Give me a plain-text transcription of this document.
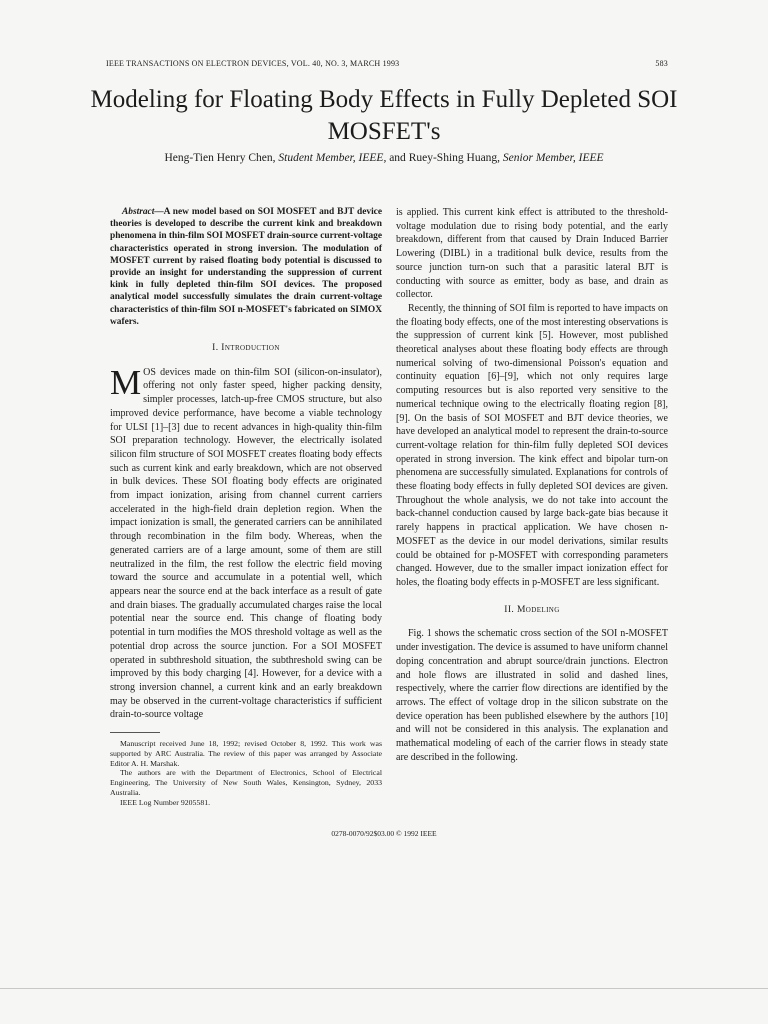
IEEE TRANSACTIONS ON ELECTRON DEVICES, VOL. 40, NO. 3, MARCH 1993	583
Modeling for Floating Body Effects in Fully Depleted SOI MOSFET's
Heng-Tien Henry Chen, Student Member, IEEE, and Ruey-Shing Huang, Senior Member, IEEE

Abstract—A new model based on SOI MOSFET and BJT device theories is developed to describe the current kink and breakdown phenomena in thin-film SOI MOSFET drain-source current-voltage characteristics operated in strong inversion. The modulation of MOSFET current by raised floating body potential is discussed to provide an insight for understanding the suppression of current kink in fully depleted thin-film SOI devices. The proposed analytical model successfully simulates the drain current-voltage characteristics of thin-film SOI n-MOSFET's fabricated on SIMOX wafers.

I. Introduction

MOS devices made on thin-film SOI (silicon-on-insulator), offering not only faster speed, higher packing density, simpler processes, latch-up-free CMOS structure, but also improved device performance, have become a viable technology for ULSI [1]–[3] due to recent advances in high-quality thin-film SOI preparation technology. However, the electrically isolated silicon film structure of SOI MOSFET creates floating body effects such as current kink and early breakdown, which are not observed in bulk devices. These SOI floating body effects are originated from impact ionization, arising from channel current carriers accelerated in the high-field drain depletion region. When the impact ionization is small, the generated carriers can be annihilated through recombination in the film body. Whereas, when the generated carriers are of a large amount, some of them are still neutralized in the film, the rest follow the electric field moving toward the source and accumulate in a potential well, which appears near the source end at the back interface as a result of gate and drain biases. The gradually accumulated charges raise the local potential near the source end. This change of floating body potential in turn modifies the MOS threshold voltage as well as the potential drop across the source junction. For a SOI MOSFET operated in subthreshold situation, the subthreshold swing can be improved by this body charging [4]. However, for a device with a strong inversion channel, a current kink and an early breakdown may be observed in the current-voltage characteristics if sufficient drain-to-source voltage

Manuscript received June 18, 1992; revised October 8, 1992. This work was supported by ARC Australia. The review of this paper was arranged by Associate Editor A. H. Marshak.

The authors are with the Department of Electronics, School of Electrical Engineering, The University of New South Wales, Kensington, Sydney, 2033 Australia.

IEEE Log Number 9205581.

is applied. This current kink effect is attributed to the threshold-voltage modulation due to rising body potential, and the early breakdown, different from that caused by Drain Induced Barrier Lowering (DIBL) in a traditional bulk device, results from the source junction turn-on such that a parasitic lateral BJT is conducting with source as emitter, body as base, and drain as collector.

Recently, the thinning of SOI film is reported to have impacts on the floating body effects, one of the most interesting observations is the suppression of current kink [5]. However, most published theoretical analyses about these floating body effects are through numerical solving of two-dimensional Poisson's equation and continuity equation [6]–[9], which not only requires large computing resources but is also reported very sensitive to the numerical technique owing to the electrically floating region [8], [9]. On the basis of SOI MOSFET and BJT device theories, we have developed an analytical model to represent the drain-to-source current-voltage relation for thin-film fully depleted SOI devices operated in strong inversion. The kink effect and bipolar turn-on phenomena are successfully simulated. Explanations for controls of these floating body effects in fully depleted SOI devices are given. Throughout the whole analysis, we do not take into account the back-channel conduction caused by large back-gate bias because it rarely happens in practical application. We have chosen n-MOSFET as the device in our model derivations, similar results could be obtained for p-MOSFET with corresponding parameters changed. However, due to the smaller impact ionization effect for holes, the floating body effects in p-MOSFET are less significant.

II. Modeling

Fig. 1 shows the schematic cross section of the SOI n-MOSFET under investigation. The device is assumed to have uniform channel doping concentration and abrupt source/drain junctions. Electron and hole flows are illustrated in solid and dashed lines, respectively, where the carrier flow directions are identified by the arrows. The effect of voltage drop in the silicon substrate on the device operation has been published elsewhere by the authors [10] and will not be considered in this analysis. The explanation and mathematical modeling of each of the carrier flows in steady state are described in the following.

0278-0070/92$03.00 © 1992 IEEE
